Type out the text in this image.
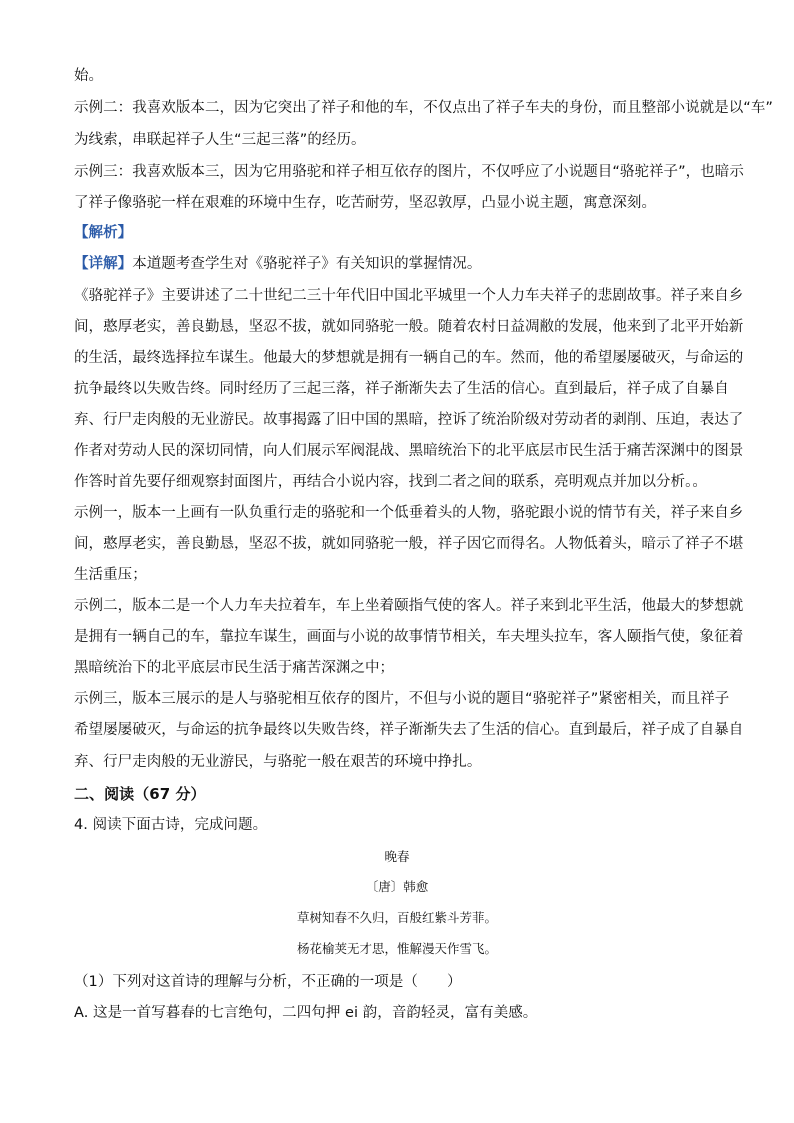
始。
示例二：我喜欢版本二，因为它突出了祥子和他的车，不仅点出了祥子车夫的身份，而且整部小说就是以“车”
为线索，串联起祥子人生“三起三落”的经历。
示例三：我喜欢版本三，因为它用骆驼和祥子相互依存的图片，不仅呼应了小说题目“骆驼祥子”，也暗示
了祥子像骆驼一样在艰难的环境中生存，吃苦耐劳，坚忍敦厚，凸显小说主题，寓意深刻。
【解析】
【详解】本道题考查学生对《骆驼祥子》有关知识的掌握情况。
《骆驼祥子》主要讲述了二十世纪二三十年代旧中国北平城里一个人力车夫祥子的悲剧故事。祥子来自乡
间，憨厚老实，善良勤恳，坚忍不拔，就如同骆驼一般。随着农村日益凋敝的发展，他来到了北平开始新
的生活，最终选择拉车谋生。他最大的梦想就是拥有一辆自己的车。然而，他的希望屡屡破灭，与命运的
抗争最终以失败告终。同时经历了三起三落，祥子渐渐失去了生活的信心。直到最后，祥子成了自暴自
弃、行尸走肉般的无业游民。故事揭露了旧中国的黑暗，控诉了统治阶级对劳动者的剥削、压迫，表达了
作者对劳动人民的深切同情，向人们展示军阀混战、黑暗统治下的北平底层市民生活于痛苦深渊中的图景
作答时首先要仔细观察封面图片，再结合小说内容，找到二者之间的联系，亮明观点并加以分析。。
示例一，版本一上画有一队负重行走的骆驼和一个低垂着头的人物，骆驼跟小说的情节有关，祥子来自乡
间，憨厚老实，善良勤恳，坚忍不拔，就如同骆驼一般，祥子因它而得名。人物低着头，暗示了祥子不堪
生活重压；
示例二，版本二是一个人力车夫拉着车，车上坐着颐指气使的客人。祥子来到北平生活，他最大的梦想就
是拥有一辆自己的车，靠拉车谋生，画面与小说的故事情节相关，车夫埋头拉车，客人颐指气使，象征着
黑暗统治下的北平底层市民生活于痛苦深渊之中；
示例三，版本三展示的是人与骆驼相互依存的图片，不但与小说的题目“骆驼祥子”紧密相关，而且祥子
希望屡屡破灭，与命运的抗争最终以失败告终，祥子渐渐失去了生活的信心。直到最后，祥子成了自暴自
弃、行尸走肉般的无业游民，与骆驼一般在艰苦的环境中挣扎。
二、阅读（67 分）
4. 阅读下面古诗，完成问题。
晚春
〔唐〕韩愈
草树知春不久归，百般红紫斗芳菲。
杨花榆荚无才思，惟解漫天作雪飞。
（1）下列对这首诗的理解与分析，不正确的一项是（　　）
A. 这是一首写暮春的七言绝句，二四句押 ei 韵，音韵轻灵，富有美感。
